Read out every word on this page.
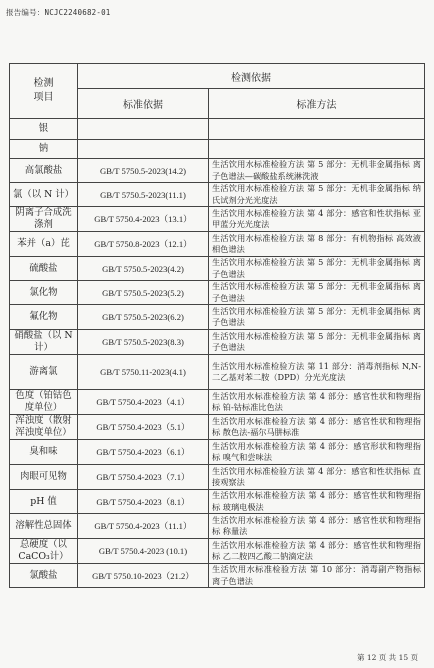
报告编号：NCJC2240682-01
检测
项目	检测依据	
	标准依据	标准方法
银		
钠		
高氯酸盐	GB/T 5750.5-2023(14.2)	生活饮用水标准检验方法 第 5 部分：无机非金属指标 离子色谱法—碳酸盐系统淋洗液
氯（以 N 计）	GB/T 5750.5-2023(11.1)	生活饮用水标准检验方法 第 5 部分：无机非金属指标 纳氏试剂分光光度法
阴离子合成洗涤剂	GB/T 5750.4-2023（13.1）	生活饮用水标准检验方法 第 4 部分：感官和性状指标 亚甲蓝分光光度法
苯并（a）芘	GB/T 5750.8-2023（12.1）	生活饮用水标准检验方法 第 8 部分：有机物指标 高效液相色谱法
硫酸盐	GB/T 5750.5-2023(4.2)	生活饮用水标准检验方法 第 5 部分：无机非金属指标 离子色谱法
氯化物	GB/T 5750.5-2023(5.2)	生活饮用水标准检验方法 第 5 部分：无机非金属指标 离子色谱法
氟化物	GB/T 5750.5-2023(6.2)	生活饮用水标准检验方法 第 5 部分：无机非金属指标 离子色谱法
硝酸盐（以 N 计）	GB/T 5750.5-2023(8.3)	生活饮用水标准检验方法 第 5 部分：无机非金属指标 离子色谱法
游离氯	GB/T 5750.11-2023(4.1)	生活饮用水标准检验方法 第 11 部分：消毒剂指标 N,N-二乙基对苯二胺（DPD）分光光度法
色度（铂钴色度单位）	GB/T 5750.4-2023（4.1）	生活饮用水标准检验方法 第 4 部分：感官性状和物理指标 铂-钴标准比色法
浑浊度（散射浑浊度单位）	GB/T 5750.4-2023（5.1）	生活饮用水标准检验方法 第 4 部分：感官性状和物理指标 散色法-福尔马肼标准
臭和味	GB/T 5750.4-2023（6.1）	生活饮用水标准检验方法 第 4 部分：感官形状和物理指标 嗅气和尝味法
肉眼可见物	GB/T 5750.4-2023（7.1）	生活饮用水标准检验方法 第 4 部分：感官和性状指标 直接观察法
pH 值	GB/T 5750.4-2023（8.1）	生活饮用水标准检验方法 第 4 部分：感官性状和物理指标 玻璃电极法
溶解性总固体	GB/T 5750.4-2023（11.1）	生活饮用水标准检验方法 第 4 部分：感官性状和物理指标 称量法
总硬度（以 CaCO₃计）	GB/T 5750.4-2023 (10.1)	生活饮用水标准检验方法 第 4 部分：感官性状和物理指标 乙二胺四乙酸二钠滴定法
氯酸盐	GB/T 5750.10-2023（21.2）	生活饮用水标准检验方法 第 10 部分：消毒副产物指标 离子色谱法
第 12 页 共 15 页
